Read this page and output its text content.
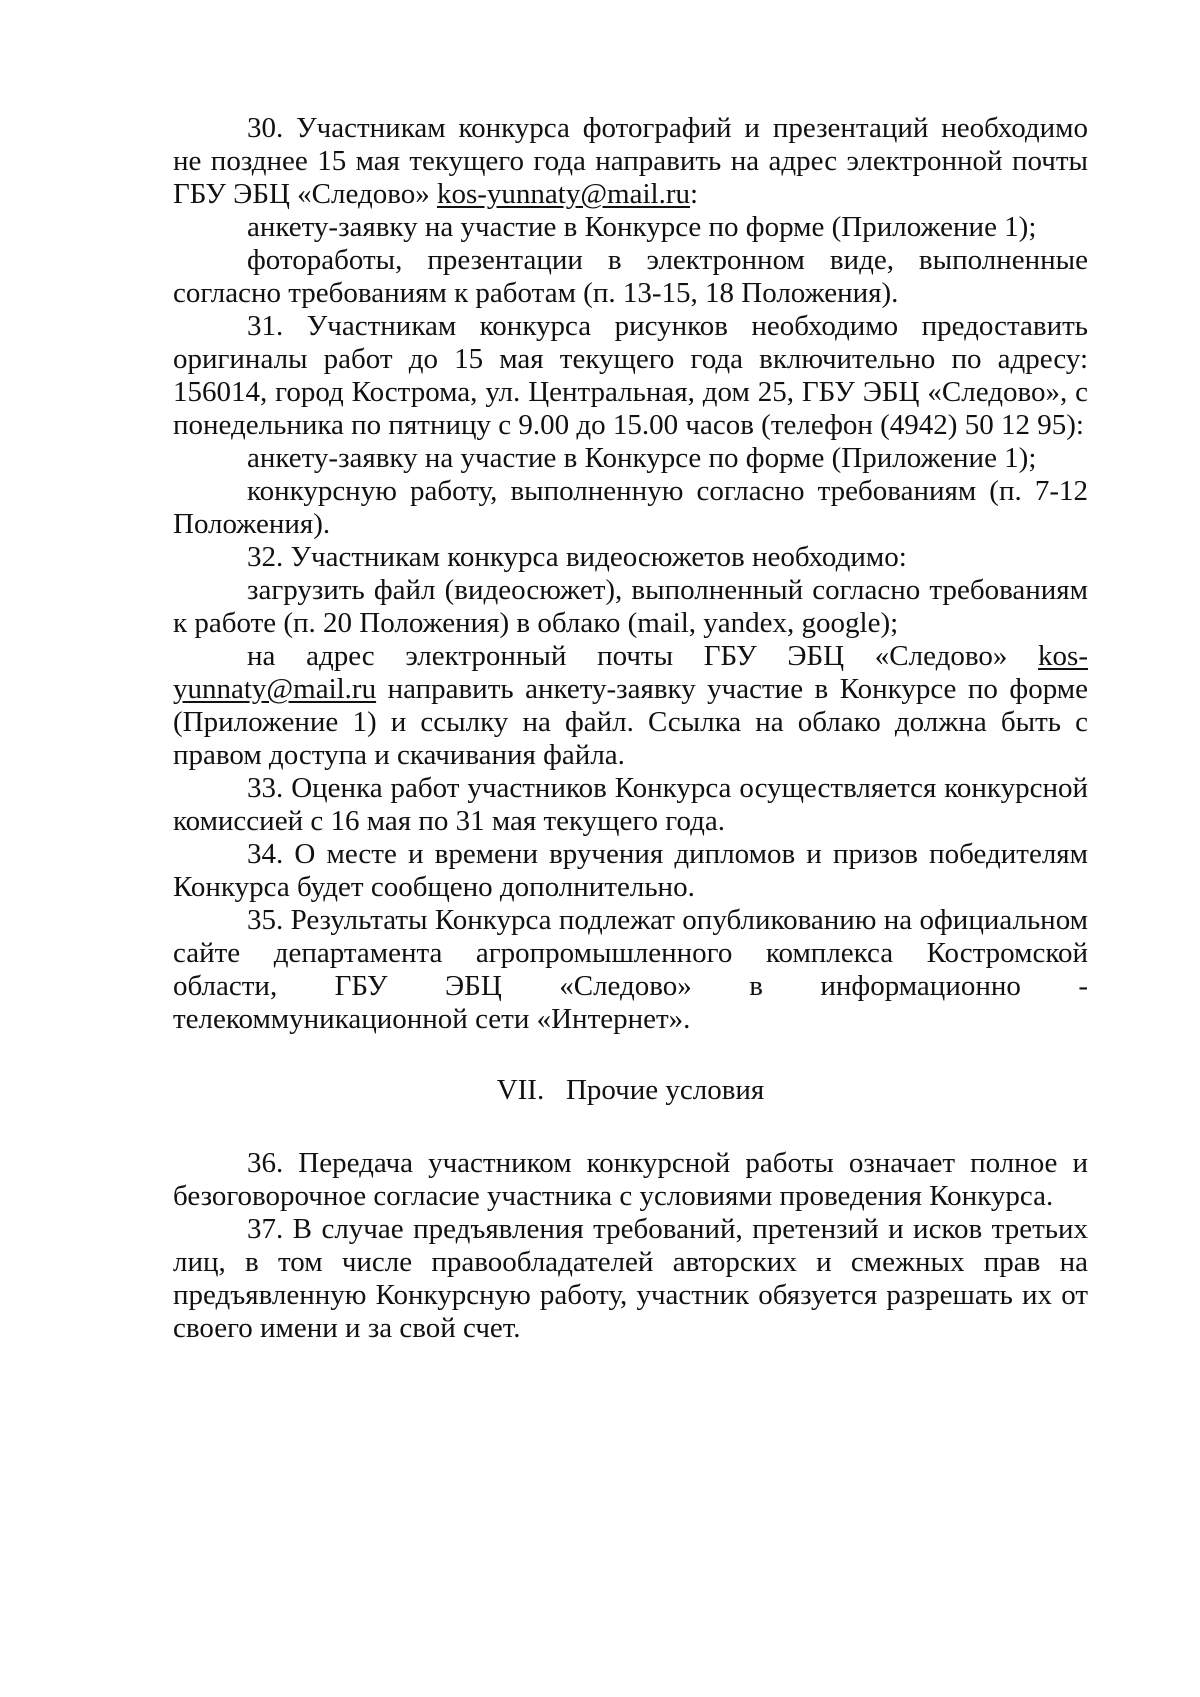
30. Участникам конкурса фотографий и презентаций необходимо не позднее 15 мая текущего года направить на адрес электронной почты ГБУ ЭБЦ «Следово» kos-yunnaty@mail.ru:

анкету-заявку на участие в Конкурсе по форме (Приложение 1);

фотоработы, презентации в электронном виде, выполненные согласно требованиям к работам (п. 13-15, 18 Положения).

31. Участникам конкурса рисунков необходимо предоставить оригиналы работ до 15 мая текущего года включительно по адресу: 156014, город Кострома, ул. Центральная, дом 25, ГБУ ЭБЦ «Следово», с понедельника по пятницу с 9.00 до 15.00 часов (телефон (4942) 50 12 95):

анкету-заявку на участие в Конкурсе по форме (Приложение 1);

конкурсную работу, выполненную согласно требованиям (п. 7-12 Положения).

32. Участникам конкурса видеосюжетов необходимо:

загрузить файл (видеосюжет), выполненный согласно требованиям к работе (п. 20 Положения) в облако (mail, yandex, google);

на адрес электронный почты ГБУ ЭБЦ «Следово» kos-yunnaty@mail.ru направить анкету-заявку участие в Конкурсе по форме (Приложение 1) и ссылку на файл. Ссылка на облако должна быть с правом доступа и скачивания файла.

33. Оценка работ участников Конкурса осуществляется конкурсной комиссией с 16 мая по 31 мая текущего года.

34. О месте и времени вручения дипломов и призов победителям Конкурса будет сообщено дополнительно.

35. Результаты Конкурса подлежат опубликованию на официальном сайте департамента агропромышленного комплекса Костромской области, ГБУ ЭБЦ «Следово» в информационно - телекоммуникационной сети «Интернет».

VII.   Прочие условия

36. Передача участником конкурсной работы означает полное и безоговорочное согласие участника с условиями проведения Конкурса.

37. В случае предъявления требований, претензий и исков третьих лиц, в том числе правообладателей авторских и смежных прав на предъявленную Конкурсную работу, участник обязуется разрешать их от своего имени и за свой счет.
